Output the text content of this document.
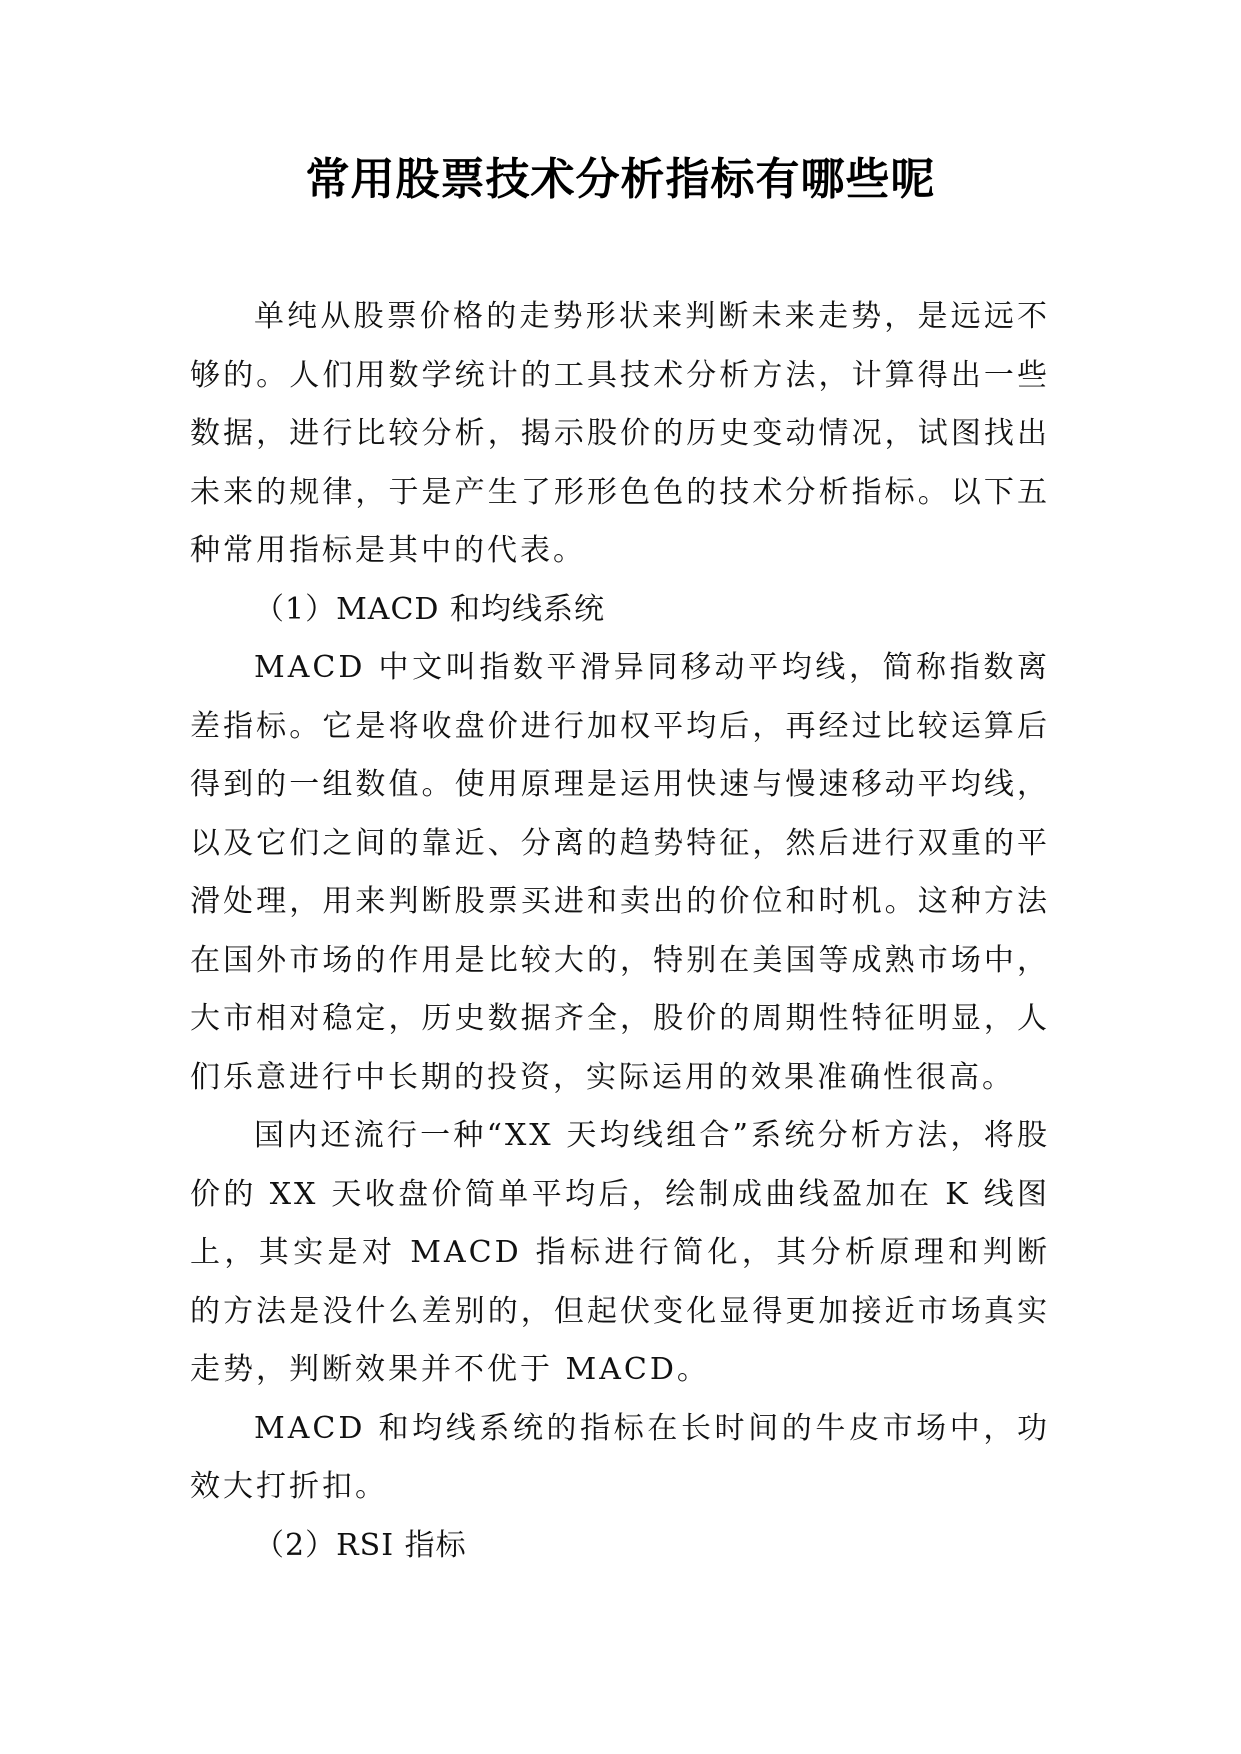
常用股票技术分析指标有哪些呢

单纯从股票价格的走势形状来判断未来走势，是远远不够的。人们用数学统计的工具技术分析方法，计算得出一些数据，进行比较分析，揭示股价的历史变动情况，试图找出未来的规律，于是产生了形形色色的技术分析指标。以下五种常用指标是其中的代表。

（1）MACD 和均线系统

MACD 中文叫指数平滑异同移动平均线，简称指数离差指标。它是将收盘价进行加权平均后，再经过比较运算后得到的一组数值。使用原理是运用快速与慢速移动平均线，以及它们之间的靠近、分离的趋势特征，然后进行双重的平滑处理，用来判断股票买进和卖出的价位和时机。这种方法在国外市场的作用是比较大的，特别在美国等成熟市场中，大市相对稳定，历史数据齐全，股价的周期性特征明显，人们乐意进行中长期的投资，实际运用的效果准确性很高。

国内还流行一种“XX 天均线组合”系统分析方法，将股价的 XX 天收盘价简单平均后，绘制成曲线盈加在 K 线图上，其实是对 MACD 指标进行简化，其分析原理和判断的方法是没什么差别的，但起伏变化显得更加接近市场真实走势，判断效果并不优于 MACD。

MACD 和均线系统的指标在长时间的牛皮市场中，功效大打折扣。

（2）RSI 指标
